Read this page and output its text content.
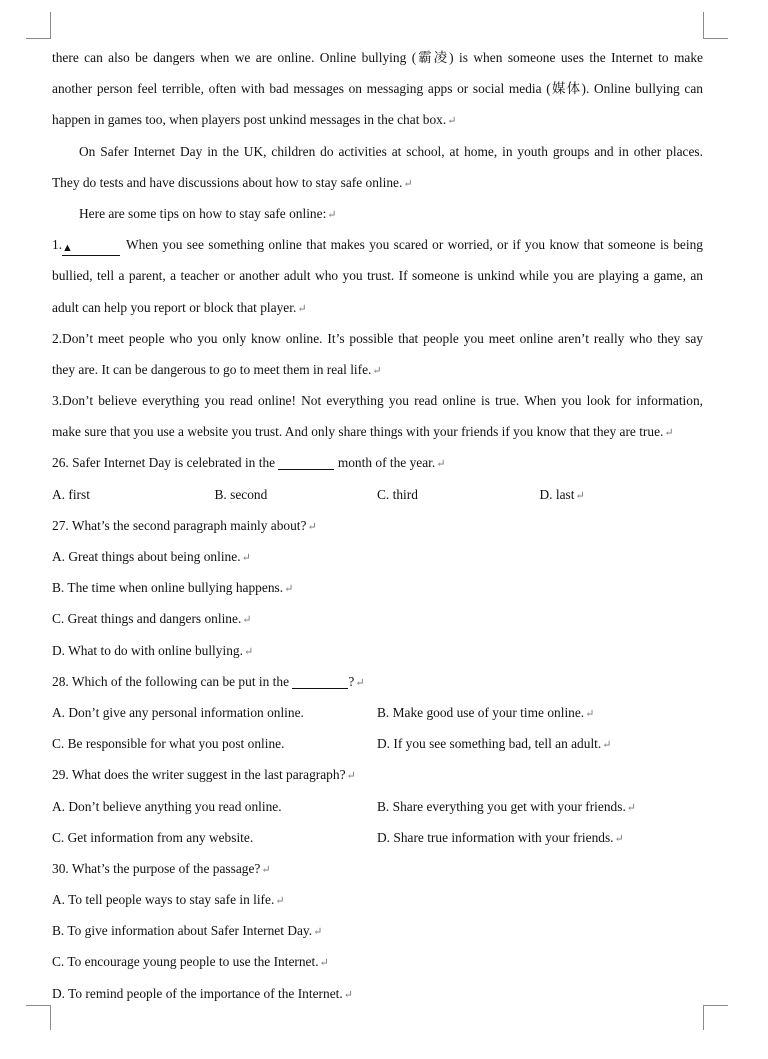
there can also be dangers when we are online. Online bullying (霸凌) is when someone uses the Internet to make
another person feel terrible, often with bad messages on messaging apps or social media (媒体). Online bullying can
happen in games too, when players post unkind messages in the chat box.↵
On Safer Internet Day in the UK, children do activities at school, at home, in youth groups and in other places.
They do tests and have discussions about how to stay safe online.↵
Here are some tips on how to stay safe online:↵
1.▲	When you see something online that makes you scared or worried, or if you know that someone is being
bullied, tell a parent, a teacher or another adult who you trust. If someone is unkind while you are playing a game, an
adult can help you report or block that player.↵
2.Don’t meet people who you only know online. It’s possible that people you meet online aren’t really who they say
they are. It can be dangerous to go to meet them in real life.↵
3.Don’t believe everything you read online! Not everything you read online is true. When you look for information,
make sure that you use a website you trust. And only share things with your friends if you know that they are true.↵
26. Safer Internet Day is celebrated in the	month of the year.↵
A. first	B. second	C. third	D. last↵
27. What’s the second paragraph mainly about?↵
A. Great things about being online.↵
B. The time when online bullying happens.↵
C. Great things and dangers online.↵
D. What to do with online bullying.↵
28. Which of the following can be put in the	?↵
A. Don’t give any personal information online.	B. Make good use of your time online.↵
C. Be responsible for what you post online.	D. If you see something bad, tell an adult.↵
29. What does the writer suggest in the last paragraph?↵
A. Don’t believe anything you read online.	B. Share everything you get with your friends.↵
C. Get information from any website.	D. Share true information with your friends.↵
30. What’s the purpose of the passage?↵
A. To tell people ways to stay safe in life.↵
B. To give information about Safer Internet Day.↵
C. To encourage young people to use the Internet.↵
D. To remind people of the importance of the Internet.↵
